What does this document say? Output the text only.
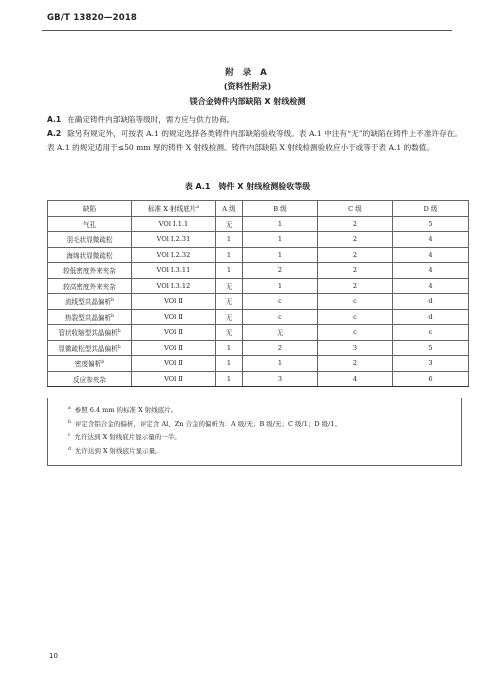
GB/T 13820—2018
附 录 A
(资料性附录)
镁合金铸件内部缺陷 X 射线检测
A.1 在确定铸件内部缺陷等级时，需方应与供方协商。
A.2 除另有规定外，可按表 A.1 的规定选择各类铸件内部缺陷验收等级。表 A.1 中注有“无”的缺陷在铸件上不准许存在。表 A.1 的规定适用于≤50 mm 厚的铸件 X 射线检测。铸件内部缺陷 X 射线检测验收应小于或等于表 A.1 的数值。
表 A.1　铸件 X 射线检测验收等级
缺陷	标准 X 射线底片$^a$	A 级	B 级	C 级	D 级
气孔	VOl Ⅰ.1.1	无	1	2	5
羽毛状显微疏松	VOl Ⅰ.2.31	1	1	2	4
海绵状显微疏松	VOl Ⅰ.2.32	1	1	2	4
较低密度外来夹杂	VOl Ⅰ.3.11	1	2	2	4
较高密度外来夹杂	VOl Ⅰ.3.12	无	1	2	4
流线型共晶偏析$^b$	VOl Ⅱ	无	c	c	d
热裂型共晶偏析$^b$	VOl Ⅱ	无	c	c	d
管状收缩型共晶偏析$^b$	VOl Ⅱ	无	无	c	c
显微疏松型共晶偏析$^b$	VOl Ⅱ	1	2	3	5
密度偏析$^b$	VOl Ⅱ	1	1	2	3
反应参夹杂	VOl Ⅱ	1	3	4	6
$^a$ 参照 6.4 mm 的标准 X 射线底片。
$^b$ 评定含铝合金的偏析，评定含 Al、Zn 合金的偏析为：A 级/无；B 级/无；C 级/1；D 级/1。
$^c$ 允许达到 X 射线底片显示量的一半。
$^d$ 允许达到 X 射线底片显示量。
10
